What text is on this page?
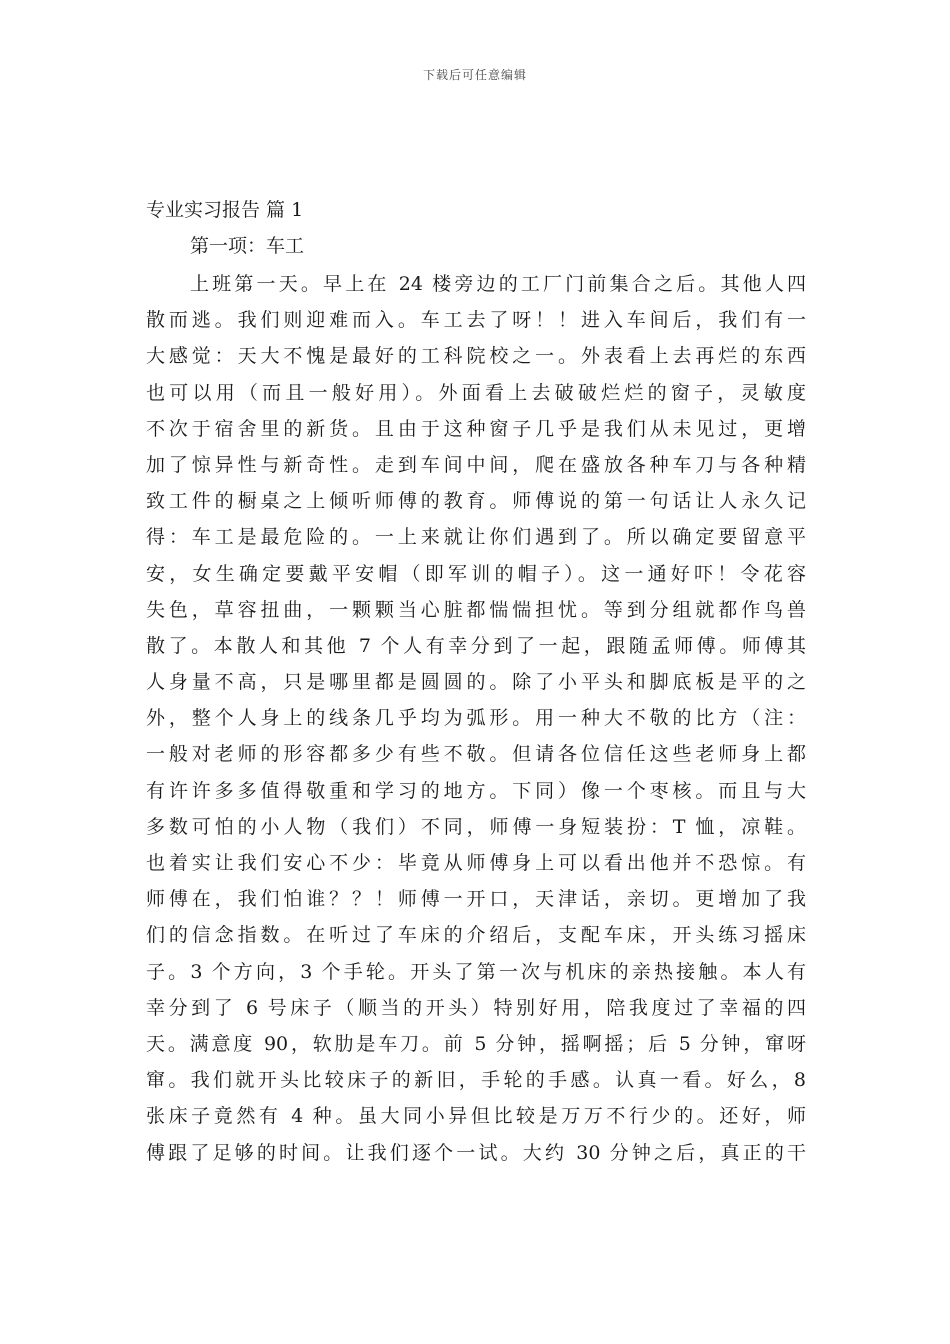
下载后可任意编辑
专业实习报告 篇 1
第一项：车工
上班第一天。早上在 24 楼旁边的工厂门前集合之后。其他人四
散而逃。我们则迎难而入。车工去了呀！！进入车间后，我们有一
大感觉：天大不愧是最好的工科院校之一。外表看上去再烂的东西
也可以用（而且一般好用）。外面看上去破破烂烂的窗子，灵敏度
不次于宿舍里的新货。且由于这种窗子几乎是我们从未见过，更增
加了惊异性与新奇性。走到车间中间，爬在盛放各种车刀与各种精
致工件的橱桌之上倾听师傅的教育。师傅说的第一句话让人永久记
得：车工是最危险的。一上来就让你们遇到了。所以确定要留意平
安，女生确定要戴平安帽（即军训的帽子）。这一通好吓！令花容
失色，草容扭曲，一颗颗当心脏都惴惴担忧。等到分组就都作鸟兽
散了。本散人和其他 7 个人有幸分到了一起，跟随孟师傅。师傅其
人身量不高，只是哪里都是圆圆的。除了小平头和脚底板是平的之
外，整个人身上的线条几乎均为弧形。用一种大不敬的比方（注：
一般对老师的形容都多少有些不敬。但请各位信任这些老师身上都
有许许多多值得敬重和学习的地方。下同）像一个枣核。而且与大
多数可怕的小人物（我们）不同，师傅一身短装扮：T 恤，凉鞋。
也着实让我们安心不少：毕竟从师傅身上可以看出他并不恐惊。有
师傅在，我们怕谁？？！师傅一开口，天津话，亲切。更增加了我
们的信念指数。在听过了车床的介绍后，支配车床，开头练习摇床
子。3 个方向，3 个手轮。开头了第一次与机床的亲热接触。本人有
幸分到了 6 号床子（顺当的开头）特别好用，陪我度过了幸福的四
天。满意度 90，软肋是车刀。前 5 分钟，摇啊摇；后 5 分钟，窜呀
窜。我们就开头比较床子的新旧，手轮的手感。认真一看。好么，8
张床子竟然有 4 种。虽大同小异但比较是万万不行少的。还好，师
傅跟了足够的时间。让我们逐个一试。大约 30 分钟之后，真正的干
